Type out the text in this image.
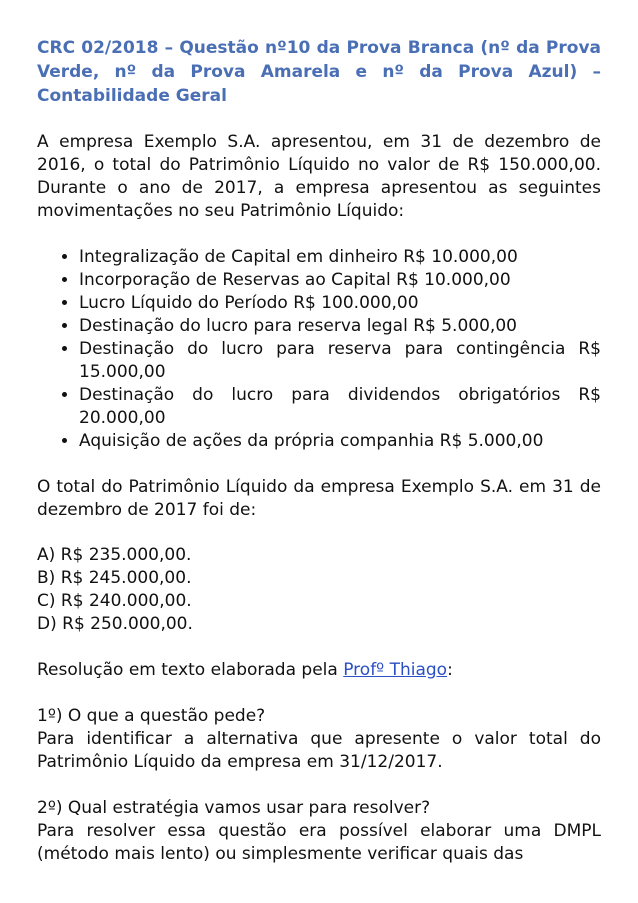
CRC 02/2018 – Questão nº10 da Prova Branca (nº da Prova Verde, nº da Prova Amarela e nº da Prova Azul) – Contabilidade Geral

A empresa Exemplo S.A. apresentou, em 31 de dezembro de 2016, o total do Patrimônio Líquido no valor de R$ 150.000,00. Durante o ano de 2017, a empresa apresentou as seguintes movimentações no seu Patrimônio Líquido:

• Integralização de Capital em dinheiro R$ 10.000,00
• Incorporação de Reservas ao Capital R$ 10.000,00
• Lucro Líquido do Período R$ 100.000,00
• Destinação do lucro para reserva legal R$ 5.000,00
• Destinação do lucro para reserva para contingência R$ 15.000,00
• Destinação do lucro para dividendos obrigatórios R$ 20.000,00
• Aquisição de ações da própria companhia R$ 5.000,00

O total do Patrimônio Líquido da empresa Exemplo S.A. em 31 de dezembro de 2017 foi de:

A) R$ 235.000,00.
B) R$ 245.000,00.
C) R$ 240.000,00.
D) R$ 250.000,00.

Resolução em texto elaborada pela Profº Thiago:

1º) O que a questão pede?

Para identificar a alternativa que apresente o valor total do Patrimônio Líquido da empresa em 31/12/2017.

2º) Qual estratégia vamos usar para resolver?

Para resolver essa questão era possível elaborar uma DMPL (método mais lento) ou simplesmente verificar quais das
